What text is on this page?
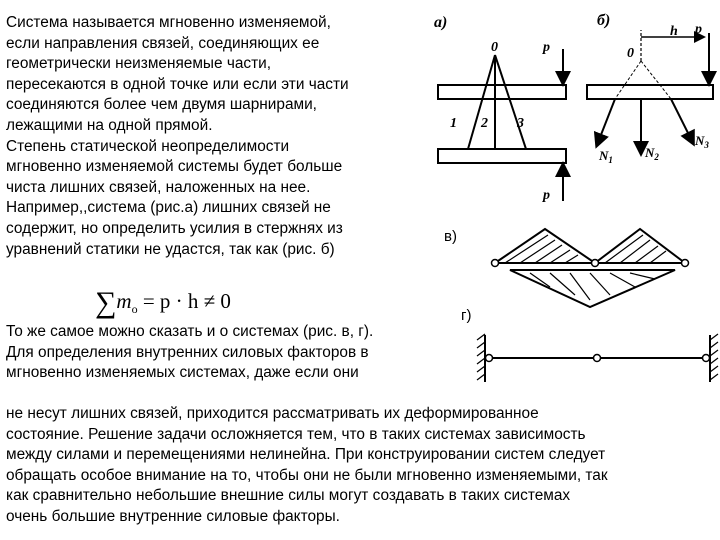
Система называется мгновенно изменяемой,
если направления связей, соединяющих ее
геометрически неизменяемые части,
пересекаются в одной точке или если эти части
соединяются более чем двумя шарнирами,
лежащими на одной прямой.
Степень статической неопределимости
мгновенно изменяемой системы будет больше
чиста лишних связей, наложенных на нее.
Например,,система (рис.а) лишних связей не
содержит, но определить усилия в стержнях из
уравнений статики не удастся, так как (рис. б)
$\sum m_o = p \cdot h \ne 0$
То же самое можно сказать и о системах (рис. в, г).
Для определения внутренних силовых факторов в
мгновенно изменяемых системах, даже если они
не несут лишних связей, приходится рассматривать их деформированное
состояние. Решение задачи осложняется тем, что в таких системах зависимость
между силами и перемещениями нелинейна. При конструировании систем следует
обращать особое внимание на то, чтобы они не были мгновенно изменяемыми, так
как сравнительно небольшие внешние силы могут создавать в таких системах
очень большие внутренние силовые факторы.
а)
0	p
p
1 2 3
б)
h p
0
$N_1$ $N_2$
$N_3$
в)
г)
